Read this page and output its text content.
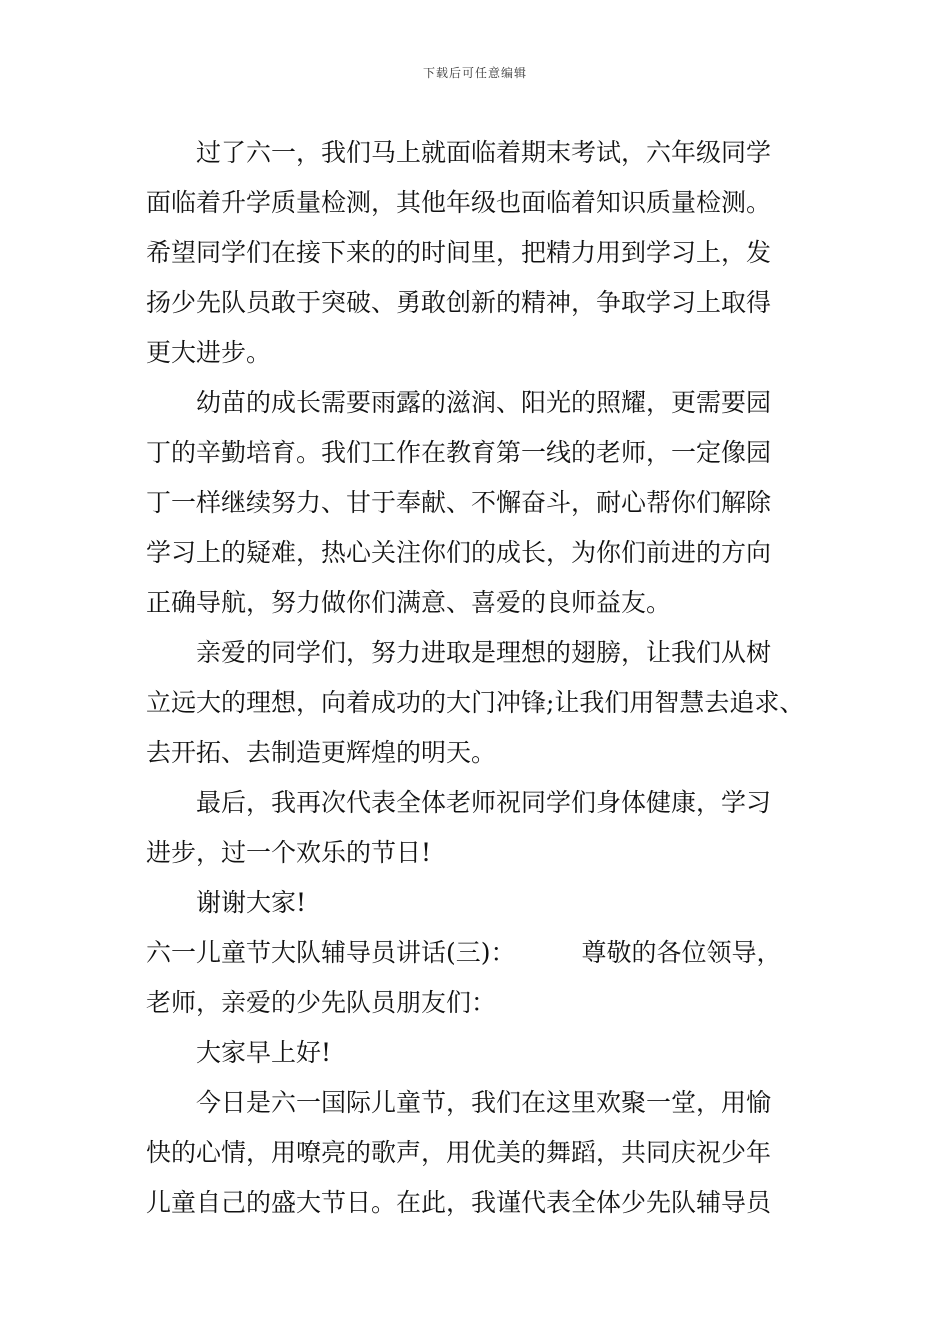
下载后可任意编辑
过了六一，我们马上就面临着期末考试，六年级同学
面临着升学质量检测，其他年级也面临着知识质量检测。
希望同学们在接下来的的时间里，把精力用到学习上，发
扬少先队员敢于突破、勇敢创新的精神，争取学习上取得
更大进步。
幼苗的成长需要雨露的滋润、阳光的照耀，更需要园
丁的辛勤培育。我们工作在教育第一线的老师，一定像园
丁一样继续努力、甘于奉献、不懈奋斗，耐心帮你们解除
学习上的疑难，热心关注你们的成长，为你们前进的方向
正确导航，努力做你们满意、喜爱的良师益友。
亲爱的同学们，努力进取是理想的翅膀，让我们从树
立远大的理想，向着成功的大门冲锋;让我们用智慧去追求、
去开拓、去制造更辉煌的明天。
最后，我再次代表全体老师祝同学们身体健康，学习
进步，过一个欢乐的节日!
谢谢大家!
六一儿童节大队辅导员讲话(三)：	尊敬的各位领导，
老师，亲爱的少先队员朋友们：
大家早上好!
今日是六一国际儿童节，我们在这里欢聚一堂，用愉
快的心情，用嘹亮的歌声，用优美的舞蹈，共同庆祝少年
儿童自己的盛大节日。在此，我谨代表全体少先队辅导员
